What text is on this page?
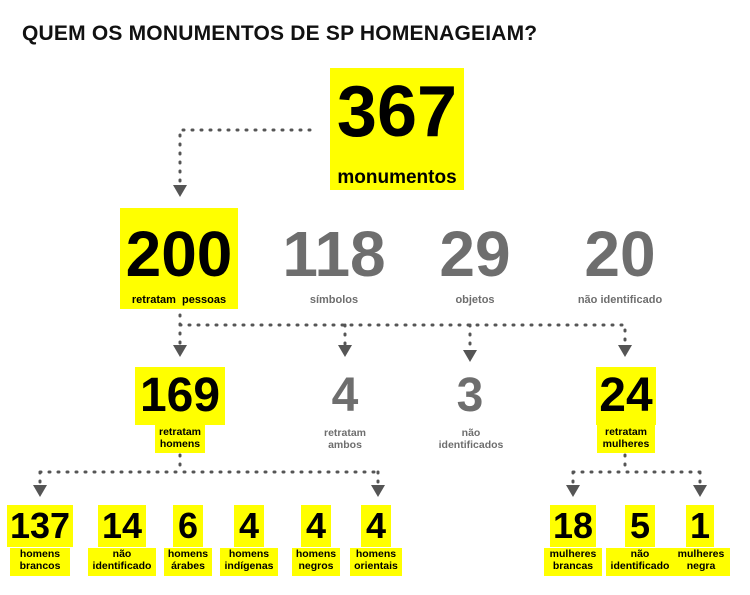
QUEM OS MONUMENTOS DE SP HOMENAGEIAM?
367
monumentos
200
retratam  pessoas
118
símbolos
29
objetos
20
não identificado
169
retratam
homens
4
retratam
ambos
3
não
identificados
24
retratam
mulheres
137
homens
brancos
14
não
identificado
6
homens
árabes
4
homens
indígenas
4
homens
negros
4
homens
orientais
18
mulheres
brancas
5
não
identificado
1
mulheres
negra
